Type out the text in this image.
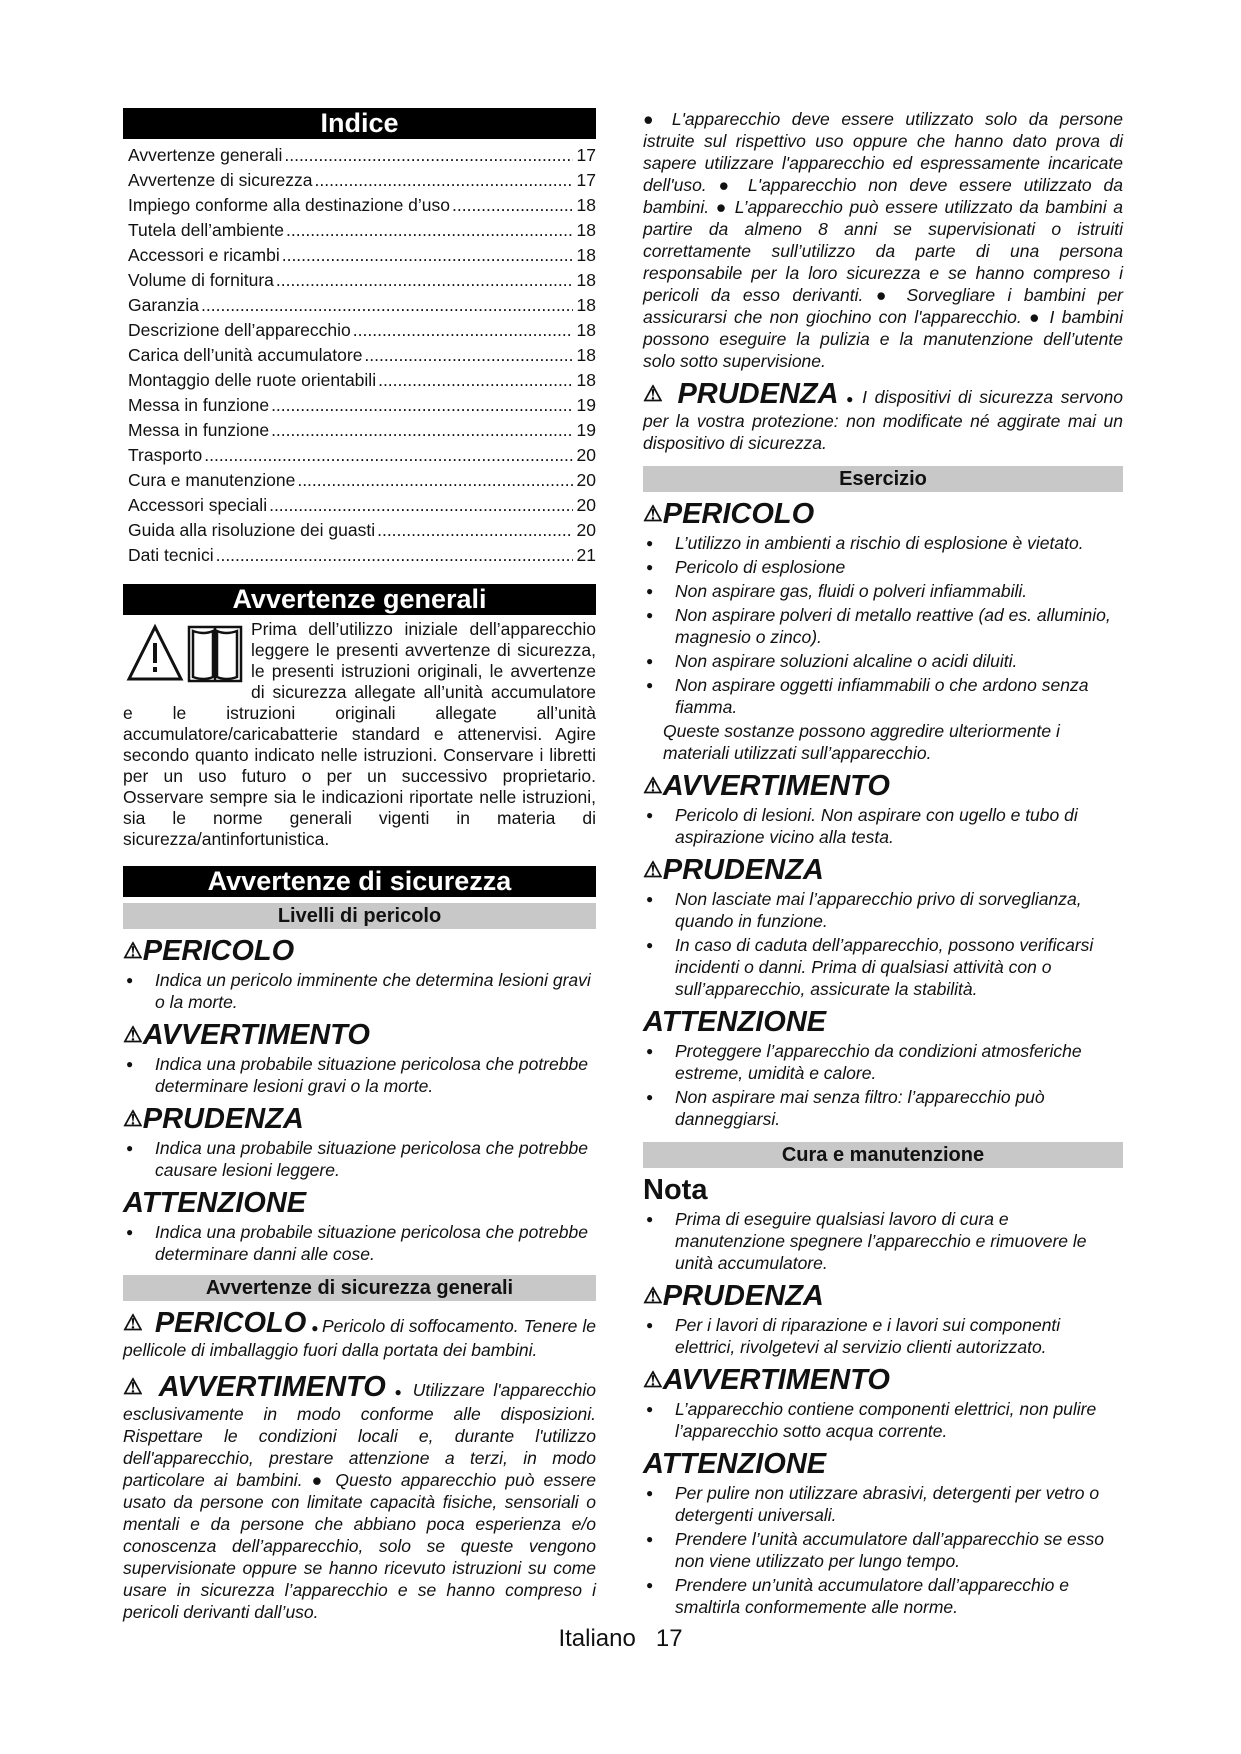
Indice
Avvertenze generali .....	17
Avvertenze di sicurezza .....	17
Impiego conforme alla destinazione d’uso .....	18
Tutela dell’ambiente .....	18
Accessori e ricambi .....	18
Volume di fornitura .....	18
Garanzia .....	18
Descrizione dell’apparecchio .....	18
Carica dell’unità accumulatore .....	18
Montaggio delle ruote orientabili .....	18
Messa in funzione .....	19
Messa in funzione .....	19
Trasporto .....	20
Cura e manutenzione .....	20
Accessori speciali .....	20
Guida alla risoluzione dei guasti .....	20
Dati tecnici .....	21
Avvertenze generali

Prima dell’utilizzo iniziale dell’apparecchio leggere le presenti avvertenze di sicurezza, le presenti istruzioni originali, le avvertenze di sicurezza allegate all’unità accumulatore e le istruzioni originali allegate all’unità accumulatore/caricabatterie standard e attenervisi. Agire secondo quanto indicato nelle istruzioni. Conservare i libretti per un uso futuro o per un successivo proprietario. Osservare sempre sia le indicazioni riportate nelle istruzioni, sia le norme generali vigenti in materia di sicurezza/antinfortunistica.

Avvertenze di sicurezza
Livelli di pericolo
⚠PERICOLO
● Indica un pericolo imminente che determina lesioni gravi o la morte.
⚠AVVERTIMENTO
● Indica una probabile situazione pericolosa che potrebbe determinare lesioni gravi o la morte.
⚠PRUDENZA
● Indica una probabile situazione pericolosa che potrebbe causare lesioni leggere.
ATTENZIONE
● Indica una probabile situazione pericolosa che potrebbe determinare danni alle cose.
Avvertenze di sicurezza generali

⚠ PERICOLO ● Pericolo di soffocamento. Tenere le pellicole di imballaggio fuori dalla portata dei bambini.

⚠ AVVERTIMENTO ● Utilizzare l'apparecchio esclusivamente in modo conforme alle disposizioni. Rispettare le condizioni locali e, durante l'utilizzo dell'apparecchio, prestare attenzione a terzi, in modo particolare ai bambini. ● Questo apparecchio può essere usato da persone con limitate capacità fisiche, sensoriali o mentali e da persone che abbiano poca esperienza e/o conoscenza dell’apparecchio, solo se queste vengono supervisionate oppure se hanno ricevuto istruzioni su come usare in sicurezza l’apparecchio e se hanno compreso i pericoli derivanti dall’uso.

● L'apparecchio deve essere utilizzato solo da persone istruite sul rispettivo uso oppure che hanno dato prova di sapere utilizzare l'apparecchio ed espressamente incaricate dell'uso. ● L'apparecchio non deve essere utilizzato da bambini. ● L’apparecchio può essere utilizzato da bambini a partire da almeno 8 anni se supervisionati o istruiti correttamente sull’utilizzo da parte di una persona responsabile per la loro sicurezza e se hanno compreso i pericoli da esso derivanti. ● Sorvegliare i bambini per assicurarsi che non giochino con l'apparecchio. ● I bambini possono eseguire la pulizia e la manutenzione dell’utente solo sotto supervisione.

⚠ PRUDENZA ● I dispositivi di sicurezza servono per la vostra protezione: non modificate né aggirate mai un dispositivo di sicurezza.

Esercizio
⚠PERICOLO
● L’utilizzo in ambienti a rischio di esplosione è vietato.
● Pericolo di esplosione
● Non aspirare gas, fluidi o polveri infiammabili.
● Non aspirare polveri di metallo reattive (ad es. alluminio, magnesio o zinco).
● Non aspirare soluzioni alcaline o acidi diluiti.
● Non aspirare oggetti infiammabili o che ardono senza fiamma.

Queste sostanze possono aggredire ulteriormente i materiali utilizzati sull’apparecchio.

⚠AVVERTIMENTO
● Pericolo di lesioni. Non aspirare con ugello e tubo di aspirazione vicino alla testa.
⚠PRUDENZA
● Non lasciate mai l’apparecchio privo di sorveglianza, quando in funzione.
● In caso di caduta dell’apparecchio, possono verificarsi incidenti o danni. Prima di qualsiasi attività con o sull’apparecchio, assicurate la stabilità.
ATTENZIONE
● Proteggere l’apparecchio da condizioni atmosferiche estreme, umidità e calore.
● Non aspirare mai senza filtro: l’apparecchio può danneggiarsi.
Cura e manutenzione
Nota
● Prima di eseguire qualsiasi lavoro di cura e manutenzione spegnere l’apparecchio e rimuovere le unità accumulatore.
⚠PRUDENZA
● Per i lavori di riparazione e i lavori sui componenti elettrici, rivolgetevi al servizio clienti autorizzato.
⚠AVVERTIMENTO
● L’apparecchio contiene componenti elettrici, non pulire l’apparecchio sotto acqua corrente.
ATTENZIONE
● Per pulire non utilizzare abrasivi, detergenti per vetro o detergenti universali.
● Prendere l’unità accumulatore dall’apparecchio se esso non viene utilizzato per lungo tempo.
● Prendere un’unità accumulatore dall’apparecchio e smaltirla conformemente alle norme.
Italiano 17
